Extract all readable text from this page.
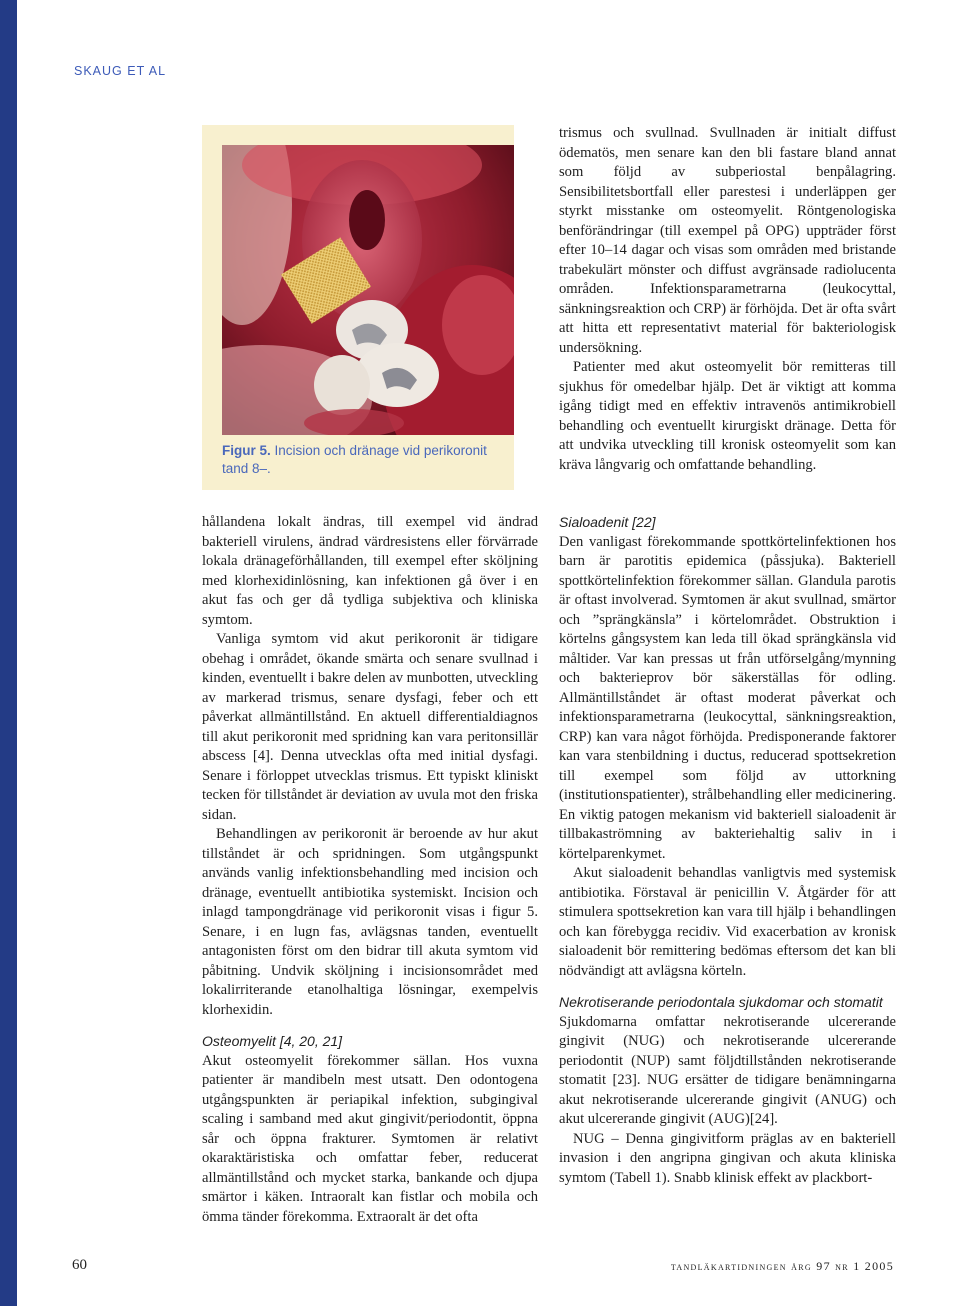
SKAUG ET AL
Figur 5. Incision och dränage vid perikoronit tand 8–.

hållandena lokalt ändras, till exempel vid ändrad bakteriell virulens, ändrad värdresistens eller förvärrade lokala dränageförhållanden, till exempel efter sköljning med klorhexidinlösning, kan infektionen gå över i en akut fas och ger då tydliga subjektiva och kliniska symtom.

Vanliga symtom vid akut perikoronit är tidigare obehag i området, ökande smärta och senare svullnad i kinden, eventuellt i bakre delen av munbotten, utveckling av markerad trismus, senare dysfagi, feber och ett påverkat allmäntillstånd. En aktuell differentialdiagnos till akut perikoronit med spridning kan vara peritonsillär abscess [4]. Denna utvecklas ofta med initial dysfagi. Senare i förloppet utvecklas trismus. Ett typiskt kliniskt tecken för tillståndet är deviation av uvula mot den friska sidan.

Behandlingen av perikoronit är beroende av hur akut tillståndet är och spridningen. Som utgångspunkt används vanlig infektionsbehandling med incision och dränage, eventuellt antibiotika systemiskt. Incision och inlagd tampongdränage vid perikoronit visas i figur 5. Senare, i en lugn fas, avlägsnas tanden, eventuellt antagonisten först om den bidrar till akuta symtom vid påbitning. Undvik sköljning i incisionsområdet med lokalirriterande etanolhaltiga lösningar, exempelvis klorhexidin.

Osteomyelit [4, 20, 21]

Akut osteomyelit förekommer sällan. Hos vuxna patienter är mandibeln mest utsatt. Den odontogena utgångspunkten är periapikal infektion, subgingival scaling i samband med akut gingivit/periodontit, öppna sår och öppna frakturer. Symtomen är relativt okaraktäristiska och omfattar feber, reducerat allmäntillstånd och mycket starka, bankande och djupa smärtor i käken. Intraoralt kan fistlar och mobila och ömma tänder förekomma. Extraoralt är det ofta

trismus och svullnad. Svullnaden är initialt diffust ödematös, men senare kan den bli fastare bland annat som följd av subperiostal benpålagring. Sensibilitetsbortfall eller parestesi i underläppen ger styrkt misstanke om osteomyelit. Röntgenologiska benförändringar (till exempel på OPG) uppträder först efter 10–14 dagar och visas som områden med bristande trabekulärt mönster och diffust avgränsade radiolucenta områden. Infektionsparametrarna (leukocyttal, sänkningsreaktion och CRP) är förhöjda. Det är ofta svårt att hitta ett representativt material för bakteriologisk undersökning.

Patienter med akut osteomyelit bör remitteras till sjukhus för omedelbar hjälp. Det är viktigt att komma igång tidigt med en effektiv intravenös antimikrobiell behandling och eventuellt kirurgiskt dränage. Detta för att undvika utveckling till kronisk osteomyelit som kan kräva långvarig och omfattande behandling.

Sialoadenit [22]

Den vanligast förekommande spottkörtelinfektionen hos barn är parotitis epidemica (påssjuka). Bakteriell spottkörtelinfektion förekommer sällan. Glandula parotis är oftast involverad. Symtomen är akut svullnad, smärtor och ”sprängkänsla” i körtelområdet. Obstruktion i körtelns gångsystem kan leda till ökad sprängkänsla vid måltider. Var kan pressas ut från utförselgång/mynning och bakterieprov bör säkerställas för odling. Allmäntillståndet är oftast moderat påverkat och infektionsparametrarna (leukocyttal, sänkningsreaktion, CRP) kan vara något förhöjda. Predisponerande faktorer kan vara stenbildning i ductus, reducerad spottsekretion till exempel som följd av uttorkning (institutionspatienter), strålbehandling eller medicinering. En viktig patogen mekanism vid bakteriell sialoadenit är tillbakaströmning av bakteriehaltig saliv in i körtelparenkymet.

Akut sialoadenit behandlas vanligtvis med systemisk antibiotika. Förstaval är penicillin V. Åtgärder för att stimulera spottsekretion kan vara till hjälp i behandlingen och kan förebygga recidiv. Vid exacerbation av kronisk sialoadenit bör remittering bedömas eftersom det kan bli nödvändigt att avlägsna körteln.

Nekrotiserande periodontala sjukdomar och stomatit

Sjukdomarna omfattar nekrotiserande ulcererande gingivit (NUG) och nekrotiserande ulcererande periodontit (NUP) samt följdtillstånden nekrotiserande stomatit [23]. NUG ersätter de tidigare benämningarna akut nekrotiserande ulcererande gingivit (ANUG) och akut ulcererande gingivit (AUG)[24].

NUG – Denna gingivitform präglas av en bakteriell invasion i den angripna gingivan och akuta kliniska symtom (Tabell 1). Snabb klinisk effekt av plackbort-

60	tandläkartidningen årg 97 nr 1 2005
